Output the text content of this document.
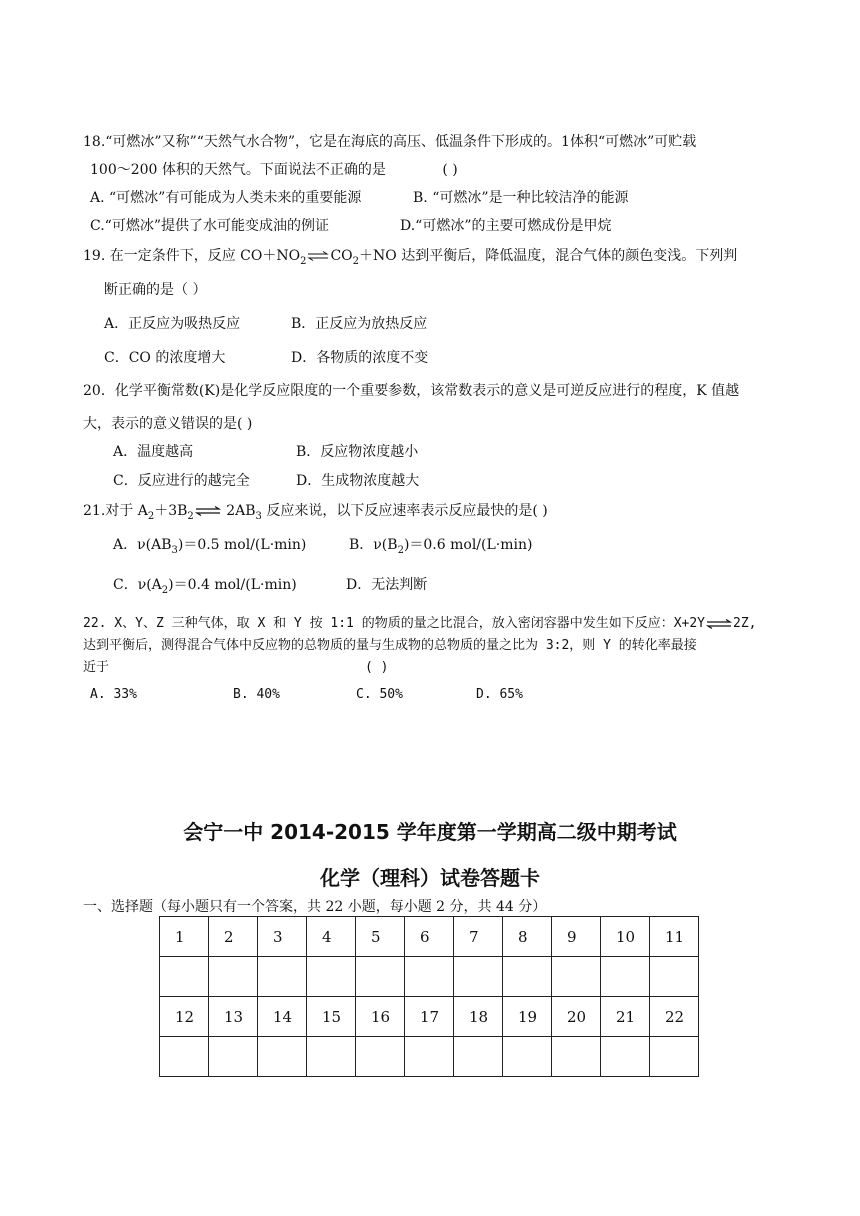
18.“可燃冰”又称”“天然气水合物”，它是在海底的高压、低温条件下形成的。1体积“可燃冰”可贮载
100～200 体积的天然气。下面说法不正确的是	( )
A. “可燃冰”有可能成为人类未来的重要能源	B. “可燃冰”是一种比较洁净的能源
C.“可燃冰”提供了水可能变成油的例证	D.“可燃冰”的主要可燃成份是甲烷
19. 在一定条件下，反应 $CO+NO_2\rightleftharpoons CO_2+NO$ 达到平衡后，降低温度，混合气体的颜色变浅。下列判
断正确的是（ ）
A．正反应为吸热反应	B．正反应为放热反应
C．CO 的浓度增大	D．各物质的浓度不变
20．化学平衡常数(K)是化学反应限度的一个重要参数，该常数表示的意义是可逆反应进行的程度，K 值越
大，表示的意义错误的是( )
A．温度越高	B．反应物浓度越小
C．反应进行的越完全	D．生成物浓度越大
21.对于 $A_2+3B_2\rightleftharpoons$ $2AB_3$ 反应来说，以下反应速率表示反应最快的是( )
A．$\nu(AB_3)=0.5$ mol/(L·min)	B．$\nu(B_2)=0.6$ mol/(L·min)
C．$\nu(A_2)=0.4$ mol/(L·min)	D．无法判断
22. X、Y、Z 三种气体，取 X 和 Y 按 1:1 的物质的量之比混合，放入密闭容器中发生如下反应：X+2Y⇌2Z,
达到平衡后，测得混合气体中反应物的总物质的量与生成物的总物质的量之比为 3:2，则 Y 的转化率最接
近于	( )
A. 33%	B. 40%	C. 50%	D. 65%
会宁一中 2014-2015 学年度第一学期高二级中期考试
化学（理科）试卷答题卡
一、选择题（每小题只有一个答案，共 22 小题，每小题 2 分，共 44 分）
1	2	3	4	5	6	7	8	9	10	11

12	13	14	15	16	17	18	19	20	21	22
